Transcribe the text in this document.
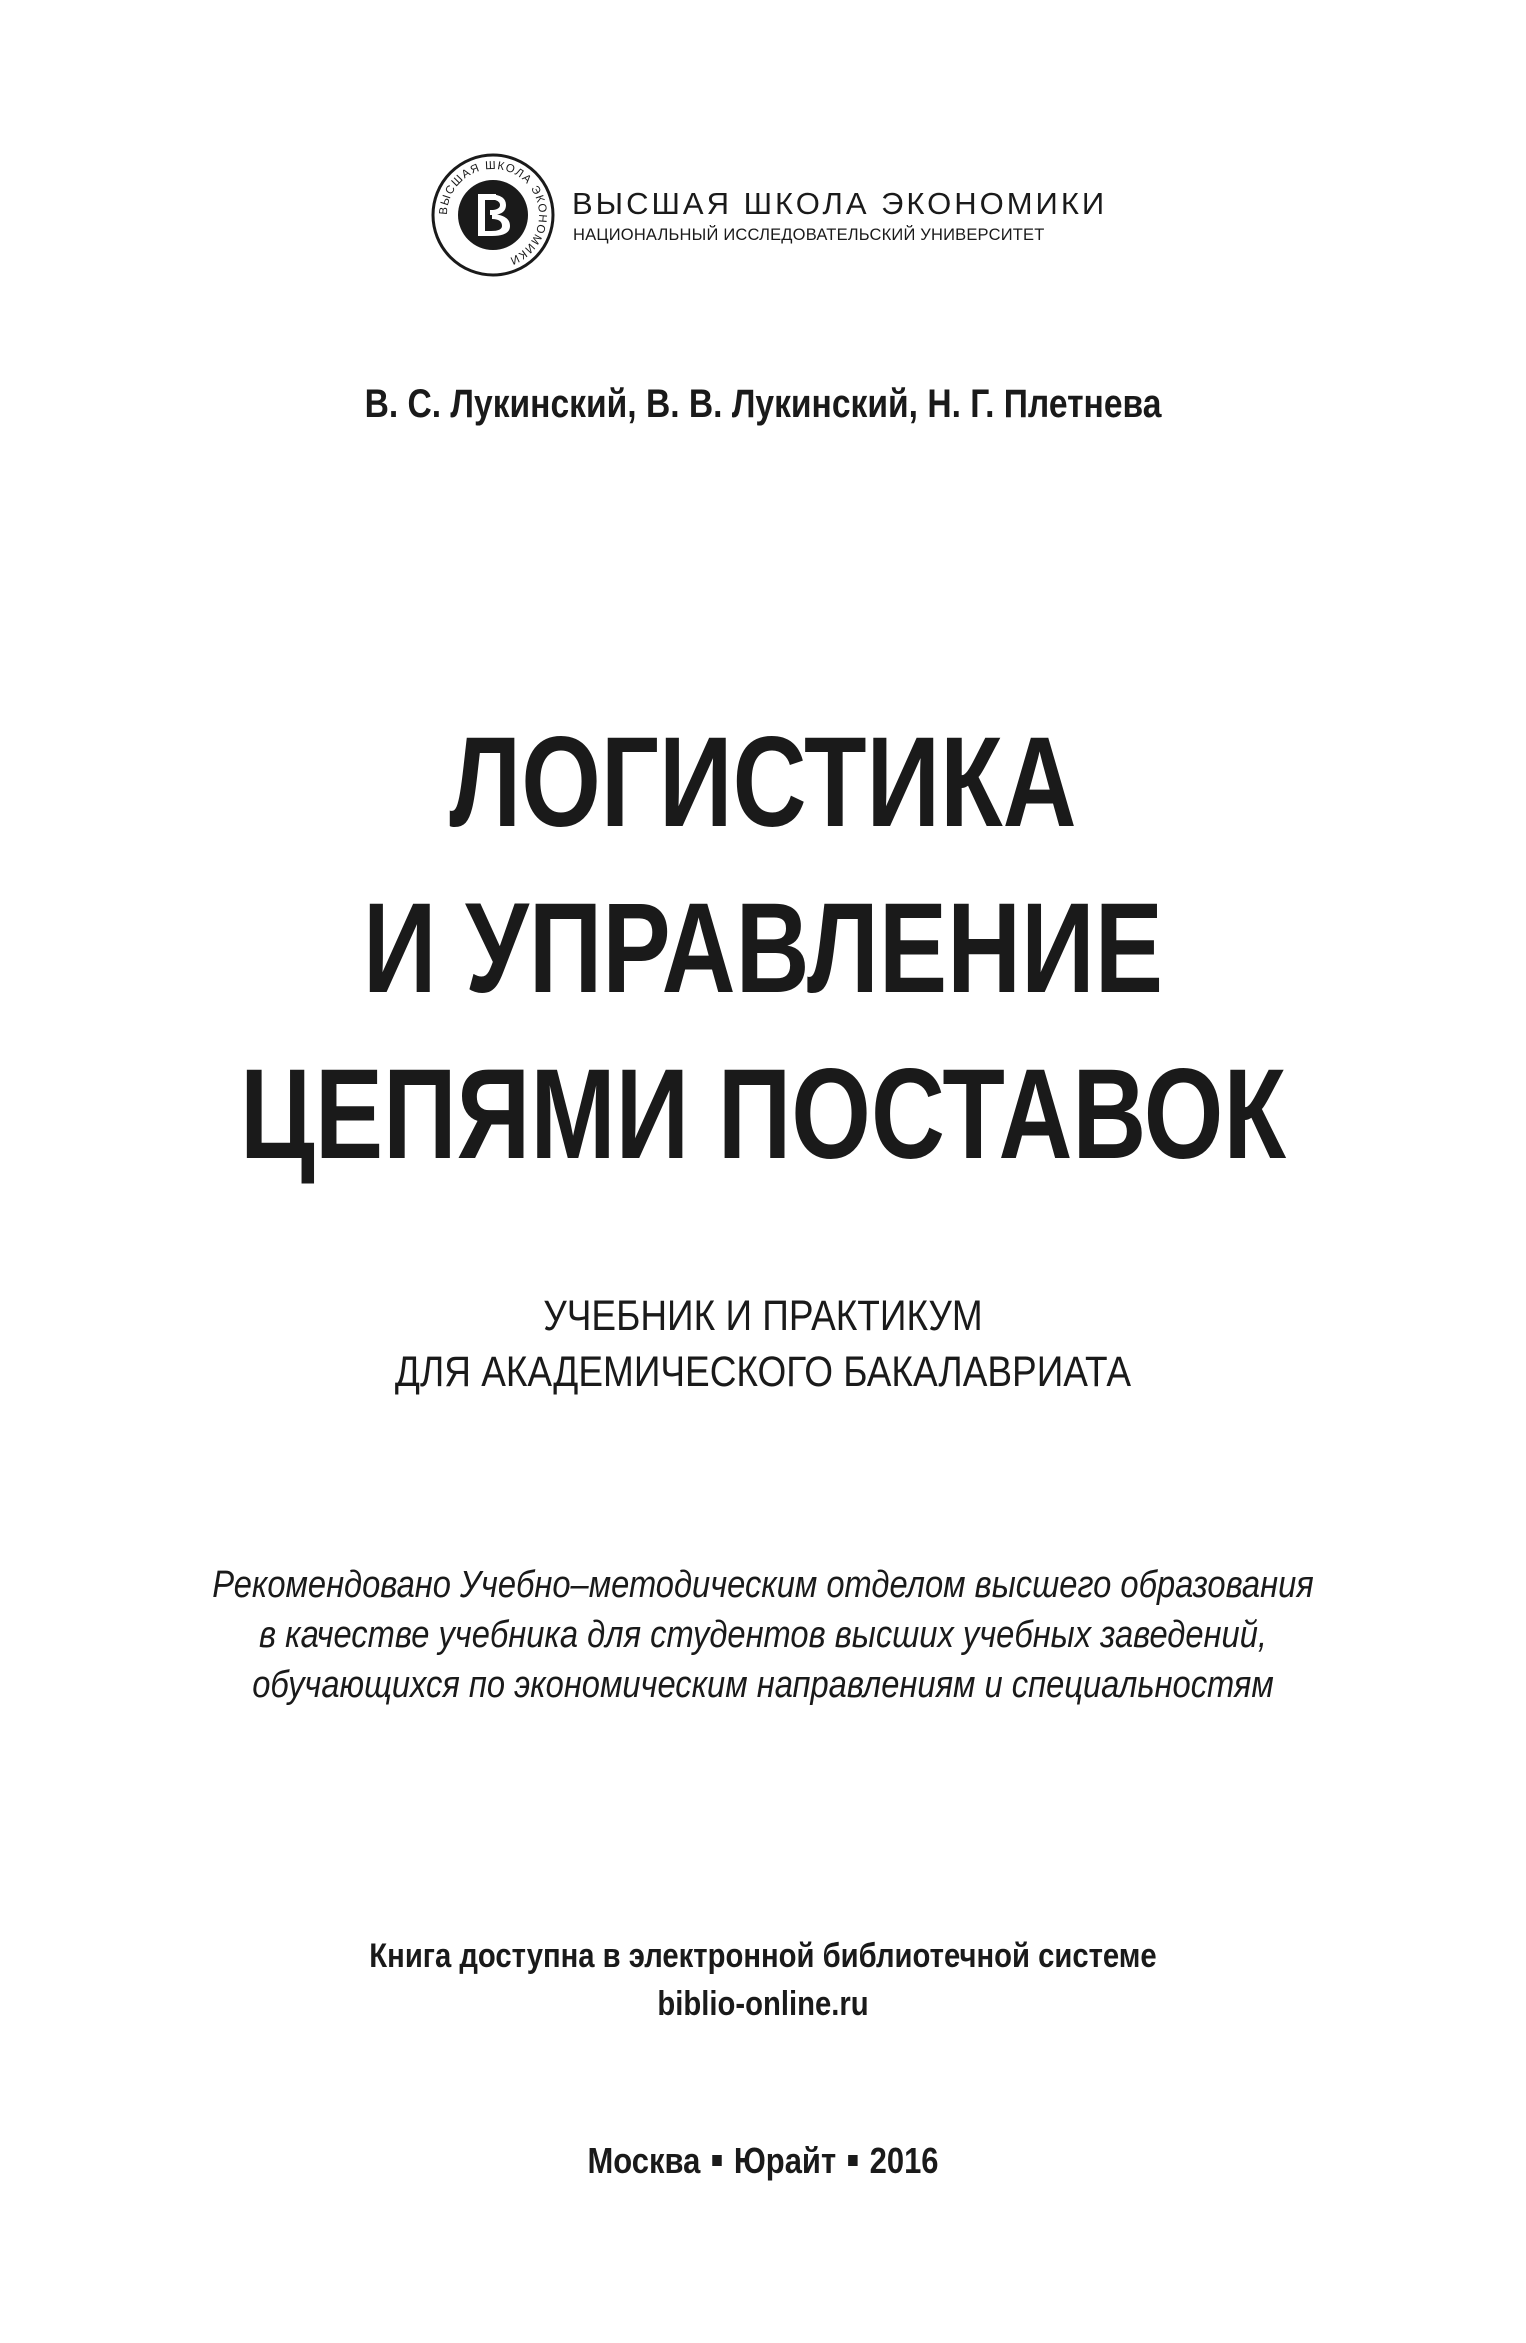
ВЫСШАЯ ШКОЛА ЭКОНОМИКИ
ВЫСШАЯ ШКОЛА ЭКОНОМИКИ
НАЦИОНАЛЬНЫЙ ИССЛЕДОВАТЕЛЬСКИЙ УНИВЕРСИТЕТ
В. С. Лукинский, В. В. Лукинский, Н. Г. Плетнева
ЛОГИСТИКА
И УПРАВЛЕНИЕ
ЦЕПЯМИ ПОСТАВОК
УЧЕБНИК И ПРАКТИКУМ
ДЛЯ АКАДЕМИЧЕСКОГО БАКАЛАВРИАТА
Рекомендовано Учебно–методическим отделом высшего образования
в качестве учебника для студентов высших учебных заведений,
обучающихся по экономическим направлениям и специальностям
Книга доступна в электронной библиотечной системе
biblio-online.ru
Москва Юрайт 2016
